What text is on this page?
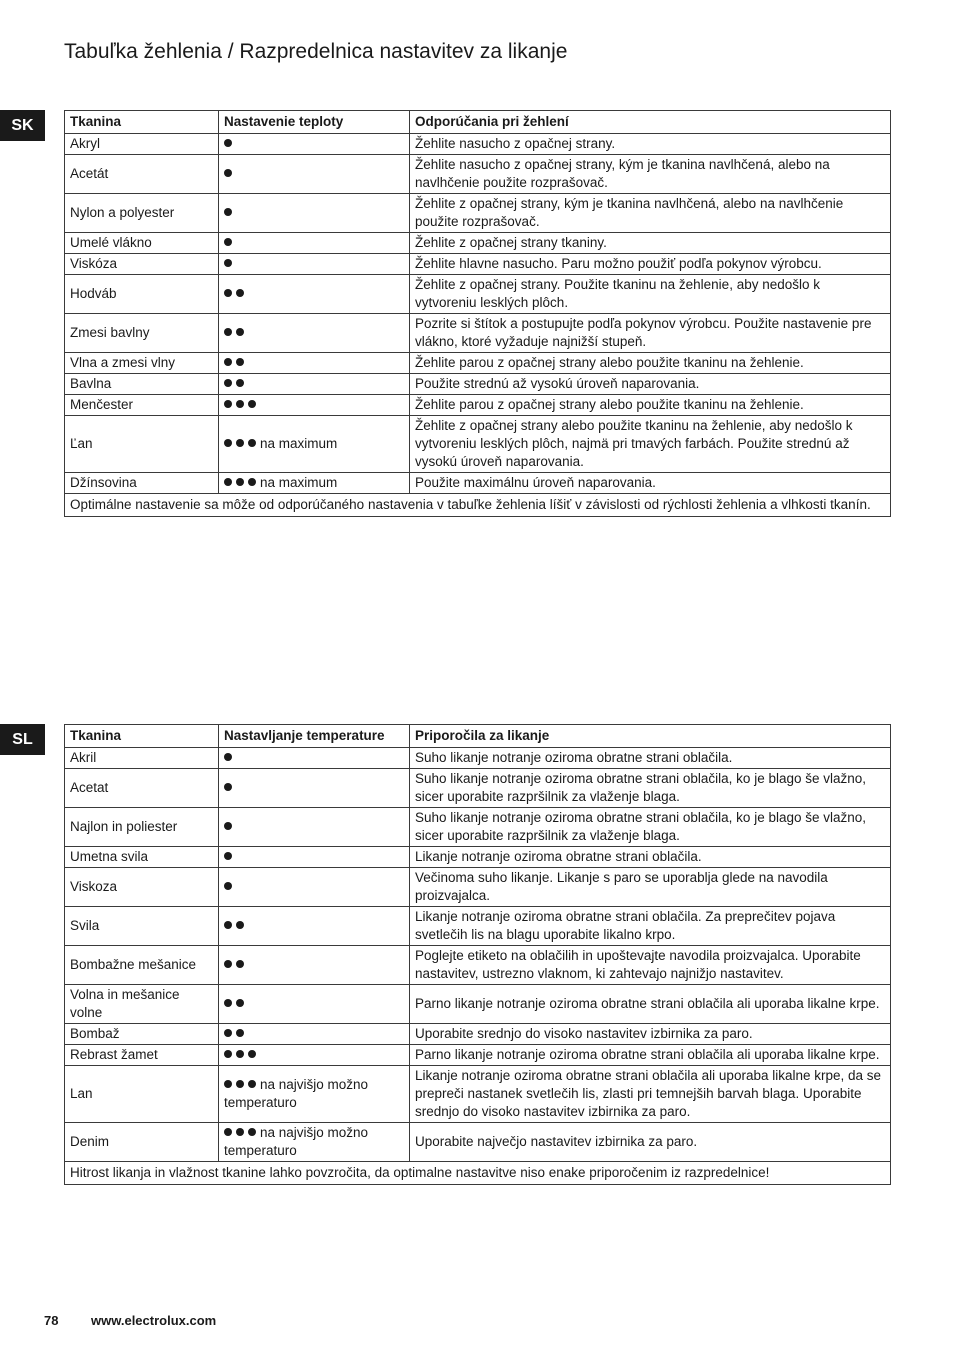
Tabuľka žehlenia / Razpredelnica nastavitev za likanje
SK	Tkanina	Nastavenie teploty	Odporúčania pri žehlení
Akryl		Žehlite nasucho z opačnej strany.
Acetát		Žehlite nasucho z opačnej strany, kým je tkanina navlhčená, alebo na navlhčenie použite rozprašovač.
Nylon a polyester		Žehlite z opačnej strany, kým je tkanina navlhčená, alebo na navlhčenie použite rozprašovač.
Umelé vlákno		Žehlite z opačnej strany tkaniny.
Viskóza		Žehlite hlavne nasucho. Paru možno použiť podľa pokynov výrobcu.
Hodváb		Žehlite z opačnej strany. Použite tkaninu na žehlenie, aby nedošlo k vytvoreniu lesklých plôch.
Zmesi bavlny		Pozrite si štítok a postupujte podľa pokynov výrobcu. Použite nastavenie pre vlákno, ktoré vyžaduje najnižší stupeň.
Vlna a zmesi vlny		Žehlite parou z opačnej strany alebo použite tkaninu na žehlenie.
Bavlna		Použite strednú až vysokú úroveň naparovania.
Menčester		Žehlite parou z opačnej strany alebo použite tkaninu na žehlenie.
Ľan	na maximum	Žehlite z opačnej strany alebo použite tkaninu na žehlenie, aby nedošlo k vytvoreniu lesklých plôch, najmä pri tmavých farbách. Použite strednú až vysokú úroveň naparovania.
Džínsovina	na maximum	Použite maximálnu úroveň naparovania.
Optimálne nastavenie sa môže od odporúčaného nastavenia v tabuľke žehlenia líšiť v závislosti od rýchlosti žehlenia a vlhkosti tkanín.		
SL	Tkanina	Nastavljanje temperature	Priporočila za likanje
Akril		Suho likanje notranje oziroma obratne strani oblačila.
Acetat		Suho likanje notranje oziroma obratne strani oblačila, ko je blago še vlažno, sicer uporabite razpršilnik za vlaženje blaga.
Najlon in poliester		Suho likanje notranje oziroma obratne strani oblačila, ko je blago še vlažno, sicer uporabite razpršilnik za vlaženje blaga.
Umetna svila		Likanje notranje oziroma obratne strani oblačila.
Viskoza		Večinoma suho likanje. Likanje s paro se uporablja glede na navodila proizvajalca.
Svila		Likanje notranje oziroma obratne strani oblačila. Za preprečitev pojava svetlečih lis na blagu uporabite likalno krpo.
Bombažne mešanice		Poglejte etiketo na oblačilih in upoštevajte navodila proizvajalca. Uporabite nastavitev, ustrezno vlaknom, ki zahtevajo najnižjo nastavitev.
Volna in mešanice volne		Parno likanje notranje oziroma obratne strani oblačila ali uporaba likalne krpe.
Bombaž		Uporabite srednjo do visoko nastavitev izbirnika za paro.
Rebrast žamet		Parno likanje notranje oziroma obratne strani oblačila ali uporaba likalne krpe.
Lan	na najvišjo možno temperaturo	Likanje notranje oziroma obratne strani oblačila ali uporaba likalne krpe, da se prepreči nastanek svetlečih lis, zlasti pri temnejših barvah blaga. Uporabite srednjo do visoko nastavitev izbirnika za paro.
Denim	na najvišjo možno temperaturo	Uporabite največjo nastavitev izbirnika za paro.
Hitrost likanja in vlažnost tkanine lahko povzročita, da optimalne nastavitve niso enake priporočenim iz razpredelnice!		
78	www.electrolux.com
